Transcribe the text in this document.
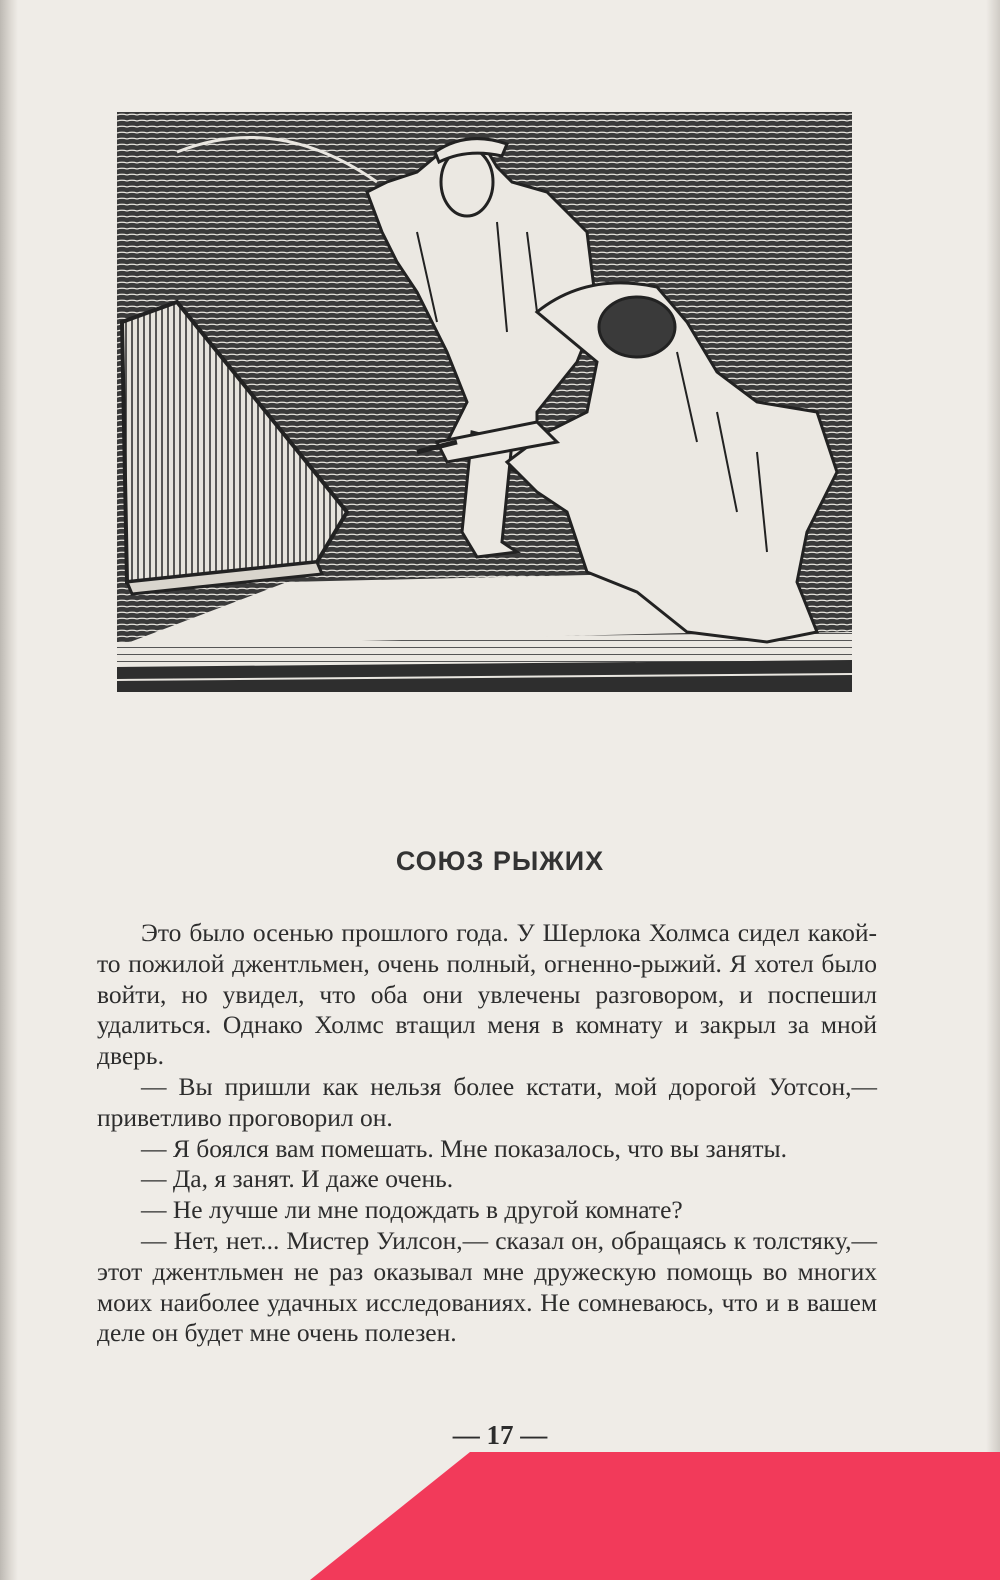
СОЮЗ РЫЖИХ

Это было осенью прошлого года. У Шерлока Холмса сидел какой-то пожилой джентльмен, очень полный, огненно-рыжий. Я хотел было войти, но увидел, что оба они увлечены разговором, и поспешил удалиться. Однако Холмс втащил меня в комнату и закрыл за мной дверь.

— Вы пришли как нельзя более кстати, мой дорогой Уотсон,— приветливо проговорил он.

— Я боялся вам помешать. Мне показалось, что вы заняты.

— Да, я занят. И даже очень.

— Не лучше ли мне подождать в другой комнате?

— Нет, нет... Мистер Уилсон,— сказал он, обращаясь к толстяку,— этот джентльмен не раз оказывал мне дружескую помощь во многих моих наиболее удачных исследованиях. Не сомневаюсь, что и в вашем деле он будет мне очень полезен.

— 17 —
